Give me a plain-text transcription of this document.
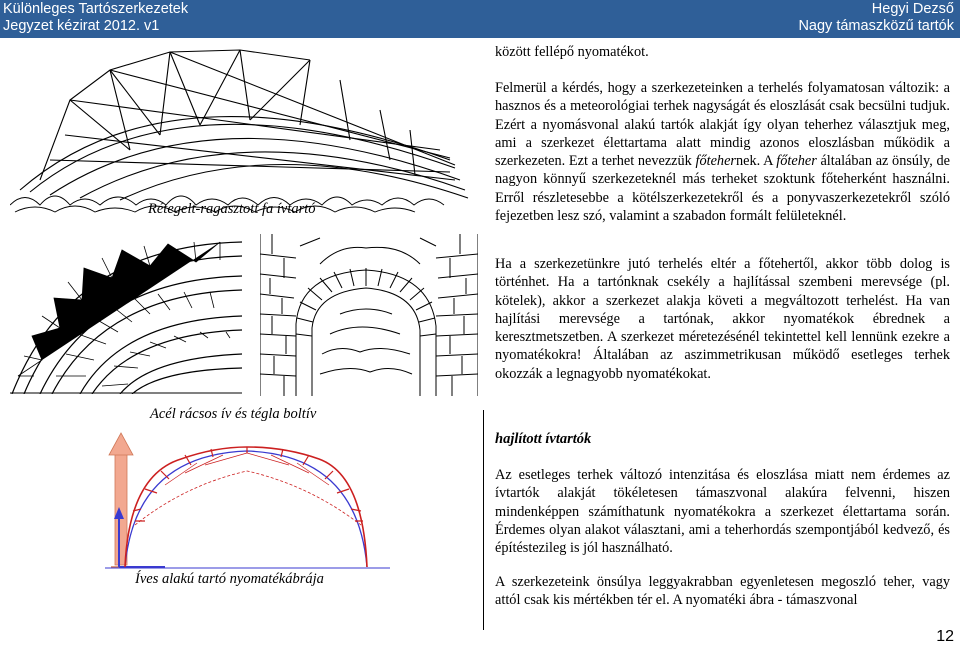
Különleges Tartószerkezetek
Jegyzet kézirat 2012. v1
Hegyi Dezső
Nagy támaszközű tartók
Rétegelt-ragasztott fa ívtartó
Acél rácsos ív és tégla boltív
Íves alakú tartó nyomatékábrája

között fellépő nyomatékot.

Felmerül a kérdés, hogy a szerkezeteinken a terhelés folyamatosan változik: a hasznos és a meteorológiai terhek nagyságát és eloszlását csak becsülni tudjuk. Ezért a nyomásvonal alakú tartók alakját így olyan teherhez választjuk meg, ami a szerkezet élettartama alatt mindig azonos eloszlásban működik a szerkezeten. Ezt a terhet nevezzük főtehernek. A főteher általában az önsúly, de nagyon könnyű szerkezeteknél más terheket szoktunk főteherként használni. Erről részletesebbe a kötélszerkezetekről és a ponyvaszerkezetekről szóló fejezetben lesz szó, valamint a szabadon formált felületeknél.

Ha a szerkezetünkre jutó terhelés eltér a főtehertől, akkor több dolog is történhet. Ha a tartónknak csekély a hajlítással szembeni merevsége (pl. kötelek), akkor a szerkezet alakja követi a megváltozott terhelést. Ha van hajlítási merevsége a tartónak, akkor nyomatékok ébrednek a keresztmetszetben. A szerkezet méretezésénél tekintettel kell lennünk ezekre a nyomatékokra! Általában az aszimmetrikusan működő esetleges terhek okozzák a legnagyobb nyomatékokat.

hajlított ívtartók

Az esetleges terhek változó intenzitása és eloszlása miatt nem érdemes az ívtartók alakját tökéletesen támaszvonal alakúra felvenni, hiszen mindenképpen számíthatunk nyomatékokra a szerkezet élettartama során. Érdemes olyan alakot választani, ami a teherhordás szempontjából kedvező, és építéstezileg is jól használható.

A szerkezeteink önsúlya leggyakrabban egyenletesen megoszló teher, vagy attól csak kis mértékben tér el. A nyomatéki ábra - támaszvonal

12
